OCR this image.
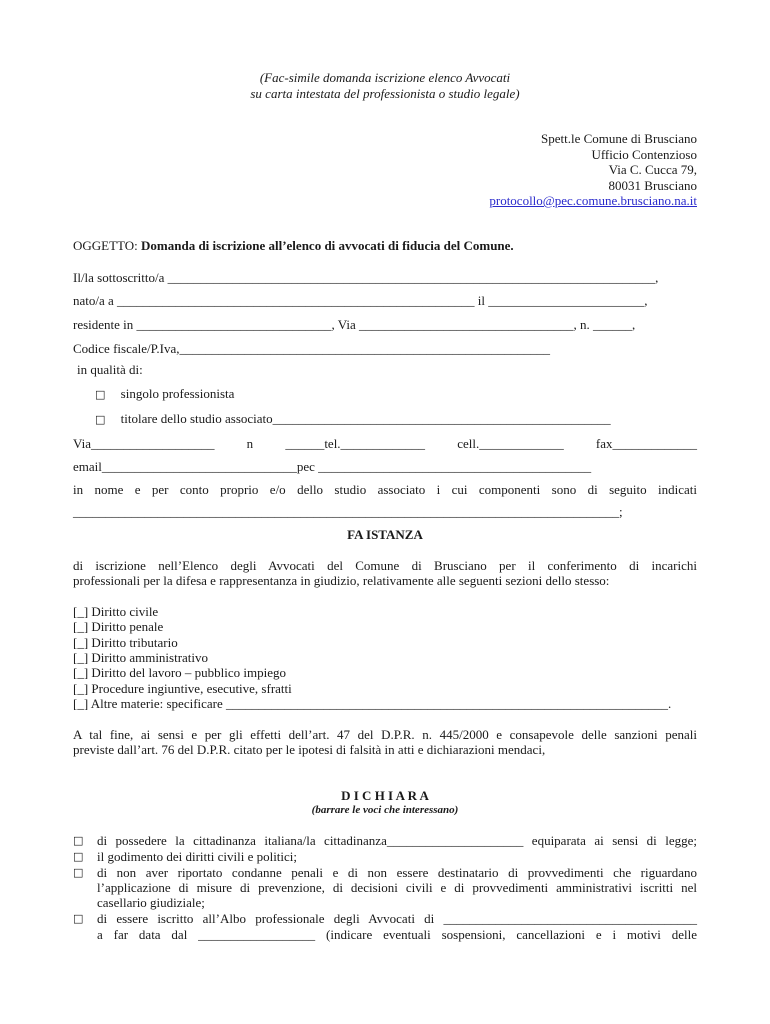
(Fac-simile domanda iscrizione elenco Avvocati
su carta intestata del professionista o studio legale)
Spett.le Comune di Brusciano
Ufficio Contenzioso
Via C. Cucca 79,
80031 Brusciano
protocollo@pec.comune.brusciano.na.it
OGGETTO: Domanda di iscrizione all’elenco di avvocati di fiducia del Comune.
Il/la sottoscritto/a ___________________________________________________________________________,
nato/a a _______________________________________________________ il ________________________,
residente in ______________________________, Via _________________________________, n. ______,
Codice fiscale/P.Iva,_________________________________________________________
in qualità di:
□ singolo professionista
□ titolare dello studio associato____________________________________________________
Via___________________ n ______tel._____________ cell._____________ fax_____________
email______________________________pec __________________________________________
in nome e per conto proprio e/o dello studio associato i cui componenti sono di seguito indicati
____________________________________________________________________________________;
FA ISTANZA
di iscrizione nell’Elenco degli Avvocati del Comune di Brusciano per il conferimento di incarichi
professionali per la difesa e rappresentanza in giudizio, relativamente alle seguenti sezioni dello stesso:
[_] Diritto civile
[_] Diritto penale
[_] Diritto tributario
[_] Diritto amministrativo
[_] Diritto del lavoro – pubblico impiego
[_] Procedure ingiuntive, esecutive, sfratti
[_] Altre materie: specificare ____________________________________________________________________.
A tal fine, ai sensi e per gli effetti dell’art. 47 del D.P.R. n. 445/2000 e consapevole delle sanzioni penali
previste dall’art. 76 del D.P.R. citato per le ipotesi di falsità in atti e dichiarazioni mendaci,
D I C H I A R A
(barrare le voci che interessano)
□ di possedere la cittadinanza italiana/la cittadinanza_____________________ equiparata ai sensi di legge;
□ il godimento dei diritti civili e politici;
□ di non aver riportato condanne penali e di non essere destinatario di provvedimenti che riguardano
l’applicazione di misure di prevenzione, di decisioni civili e di provvedimenti amministrativi iscritti nel
casellario giudiziale;
□ di essere iscritto all’Albo professionale degli Avvocati di _______________________________________
a far data dal __________________ (indicare eventuali sospensioni, cancellazioni e i motivi delle
